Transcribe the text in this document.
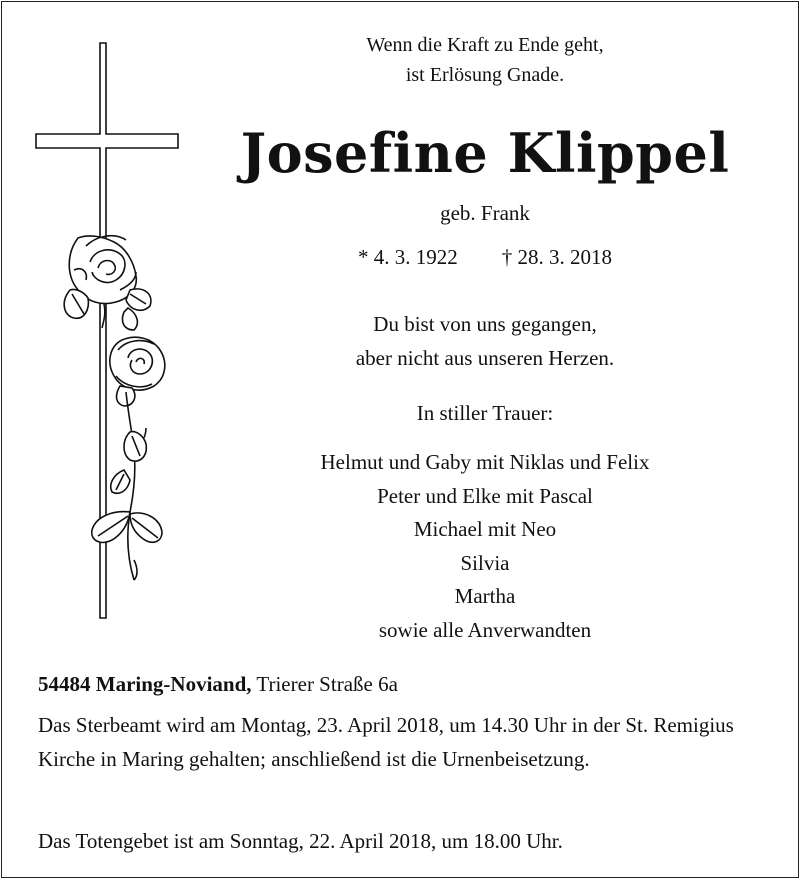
Wenn die Kraft zu Ende geht,
ist Erlösung Gnade.
Josefine Klippel
geb. Frank
* 4. 3. 1922 † 28. 3. 2018
Du bist von uns gegangen,
aber nicht aus unseren Herzen.
In stiller Trauer:
Helmut und Gaby mit Niklas und Felix
Peter und Elke mit Pascal
Michael mit Neo
Silvia
Martha
sowie alle Anverwandten
54484 Maring-Noviand, Trierer Straße 6a
Das Sterbeamt wird am Montag, 23. April 2018, um 14.30 Uhr in der St. Remigius Kirche in Maring gehalten; anschließend ist die Urnenbeisetzung.
Das Totengebet ist am Sonntag, 22. April 2018, um 18.00 Uhr.
